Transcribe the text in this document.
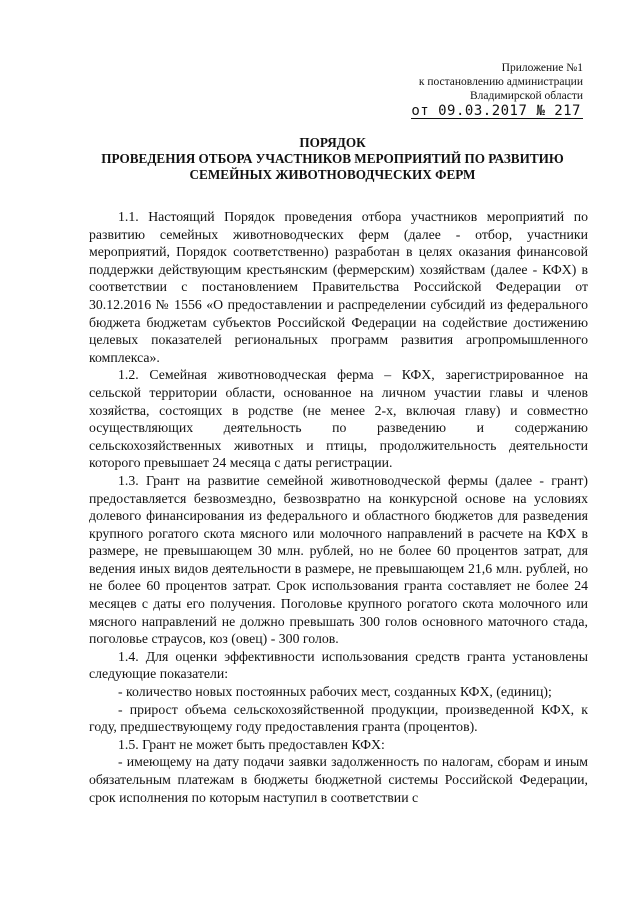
Приложение №1
к постановлению администрации
Владимирской области
от 09.03.2017 № 217
ПОРЯДОК
ПРОВЕДЕНИЯ ОТБОРА УЧАСТНИКОВ МЕРОПРИЯТИЙ ПО РАЗВИТИЮ
СЕМЕЙНЫХ ЖИВОТНОВОДЧЕСКИХ ФЕРМ

1.1. Настоящий Порядок проведения отбора участников мероприятий по развитию семейных животноводческих ферм (далее - отбор, участники мероприятий, Порядок соответственно) разработан в целях оказания финансовой поддержки действующим крестьянским (фермерским) хозяйствам (далее - КФХ) в соответствии с постановлением Правительства Российской Федерации от 30.12.2016 № 1556 «О предоставлении и распределении субсидий из федерального бюджета бюджетам субъектов Российской Федерации на содействие достижению целевых показателей региональных программ развития агропромышленного комплекса».

1.2. Семейная животноводческая ферма – КФХ, зарегистрированное на сельской территории области, основанное на личном участии главы и членов хозяйства, состоящих в родстве (не менее 2-х, включая главу) и совместно осуществляющих деятельность по разведению и содержанию сельскохозяйственных животных и птицы, продолжительность деятельности которого превышает 24 месяца с даты регистрации.

1.3. Грант на развитие семейной животноводческой фермы (далее - грант) предоставляется безвозмездно, безвозвратно на конкурсной основе на условиях долевого финансирования из федерального и областного бюджетов для разведения крупного рогатого скота мясного или молочного направлений в расчете на КФХ в размере, не превышающем 30 млн. рублей, но не более 60 процентов затрат, для ведения иных видов деятельности в размере, не превышающем 21,6 млн. рублей, но не более 60 процентов затрат. Срок использования гранта составляет не более 24 месяцев с даты его получения. Поголовье крупного рогатого скота молочного или мясного направлений не должно превышать 300 голов основного маточного стада, поголовье страусов, коз (овец) - 300 голов.

1.4. Для оценки эффективности использования средств гранта установлены следующие показатели:

- количество новых постоянных рабочих мест, созданных КФХ, (единиц);

- прирост объема сельскохозяйственной продукции, произведенной КФХ, к году, предшествующему году предоставления гранта (процентов).

1.5. Грант не может быть предоставлен КФХ:

- имеющему на дату подачи заявки задолженность по налогам, сборам и иным обязательным платежам в бюджеты бюджетной системы Российской Федерации, срок исполнения по которым наступил в соответствии с
